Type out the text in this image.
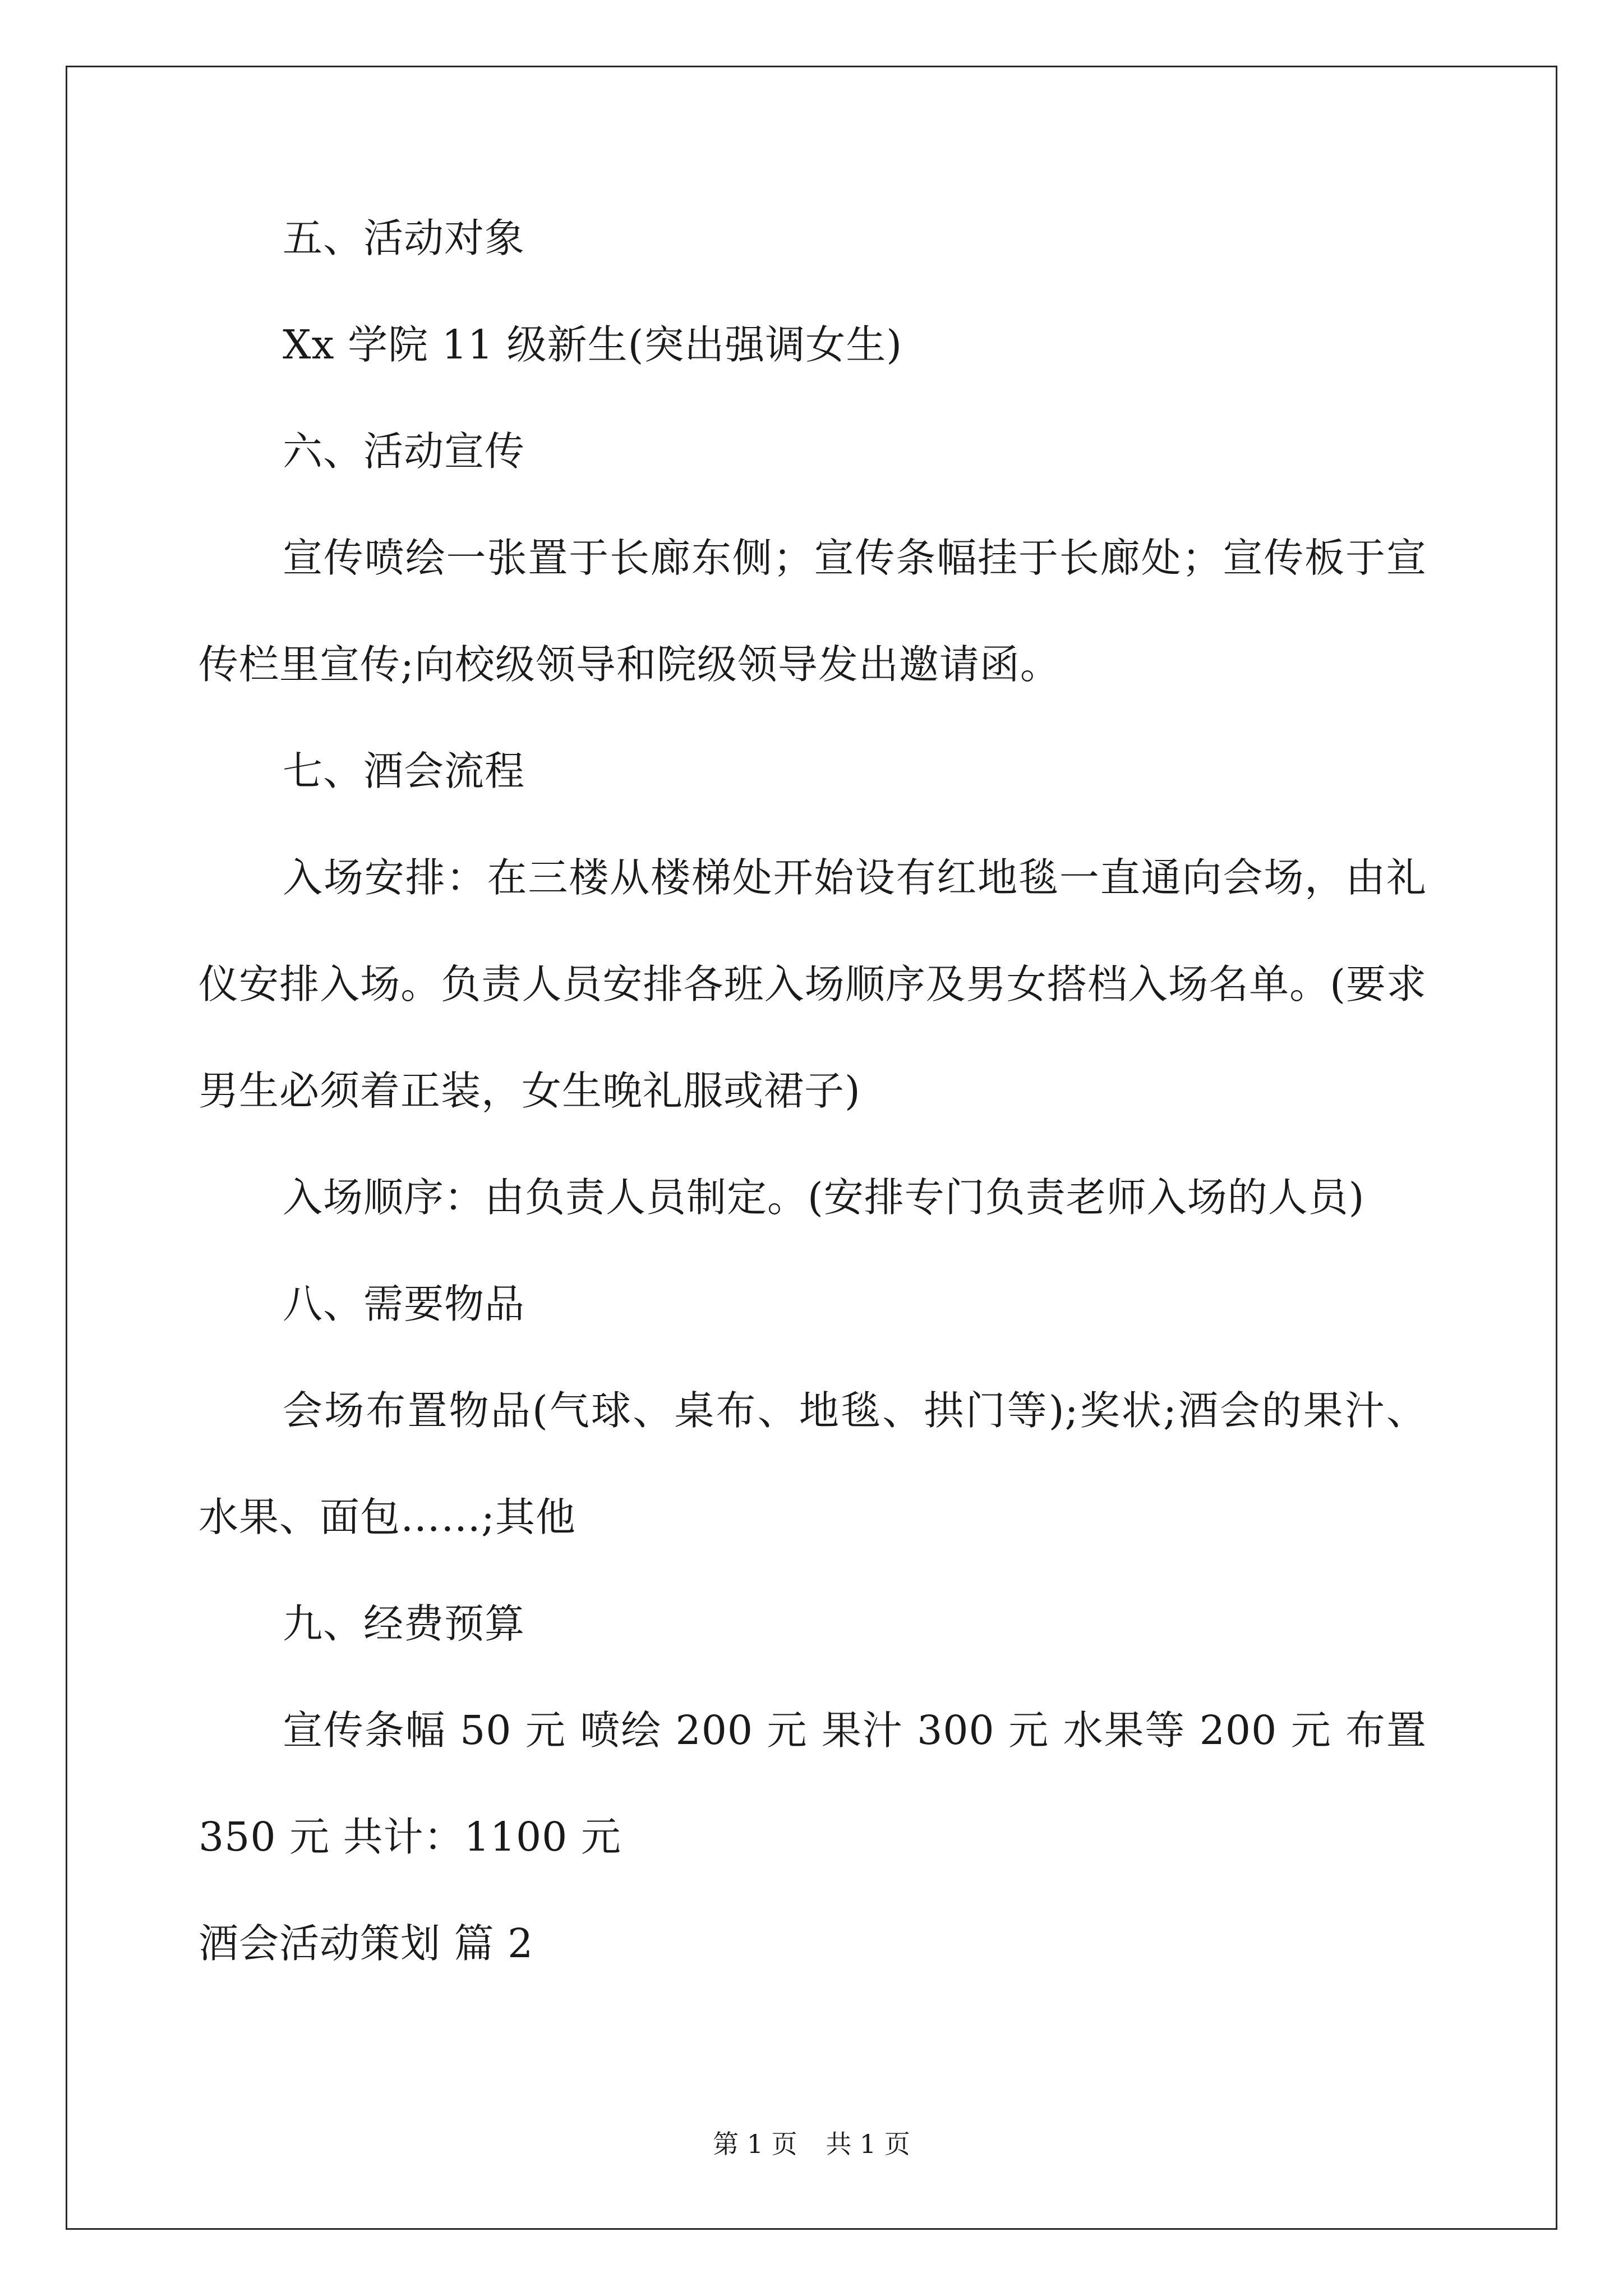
五、活动对象
Xx 学院 11 级新生(突出强调女生)
六、活动宣传
宣传喷绘一张置于长廊东侧；宣传条幅挂于长廊处；宣传板于宣
传栏里宣传;向校级领导和院级领导发出邀请函。
七、酒会流程
入场安排：在三楼从楼梯处开始设有红地毯一直通向会场，由礼
仪安排入场。负责人员安排各班入场顺序及男女搭档入场名单。(要求
男生必须着正装，女生晚礼服或裙子)
入场顺序：由负责人员制定。(安排专门负责老师入场的人员)
八、需要物品
会场布置物品(气球、桌布、地毯、拱门等);奖状;酒会的果汁、
水果、面包……;其他
九、经费预算
宣传条幅 50 元 喷绘 200 元 果汁 300 元 水果等 200 元 布置
350 元 共计：1100 元
酒会活动策划 篇 2
第 1 页 共 1 页
